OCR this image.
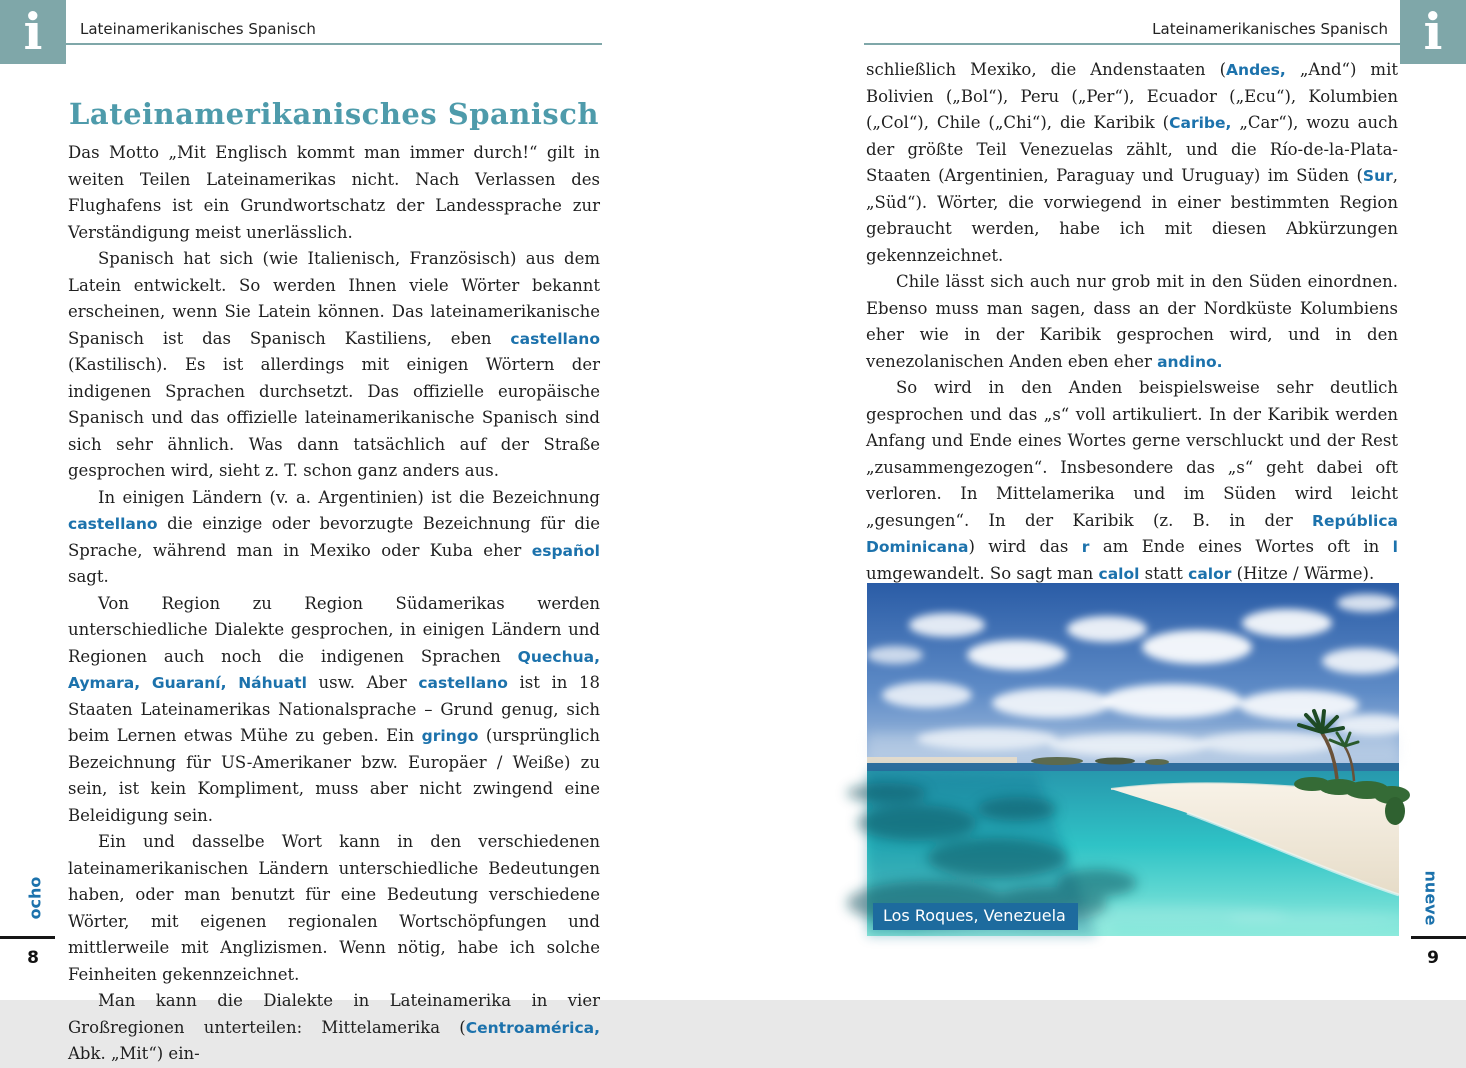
i	Lateinamerikanisches Spanisch	i
Lateinamerikanisches Spanisch
Lateinamerikanisches Spanisch

Das Motto „Mit Englisch kommt man immer durch!“ gilt in weiten Teilen Lateinamerikas nicht. Nach Verlassen des Flughafens ist ein Grundwortschatz der Landessprache zur Verständigung meist unerlässlich.

Spanisch hat sich (wie Italienisch, Französisch) aus dem Latein entwickelt. So werden Ihnen viele Wörter bekannt erscheinen, wenn Sie Latein können. Das lateinamerikanische Spanisch ist das Spanisch Kastiliens, eben castellano (Kastilisch). Es ist allerdings mit einigen Wörtern der indigenen Sprachen durchsetzt. Das offizielle europäische Spanisch und das offizielle lateinamerikanische Spanisch sind sich sehr ähnlich. Was dann tatsächlich auf der Straße gesprochen wird, sieht z. T. schon ganz anders aus.

In einigen Ländern (v. a. Argentinien) ist die Bezeichnung castellano die einzige oder bevorzugte Bezeichnung für die Sprache, während man in Mexiko oder Kuba eher español sagt.

Von Region zu Region Südamerikas werden unterschiedliche Dialekte gesprochen, in einigen Ländern und Regionen auch noch die indigenen Sprachen Quechua, Aymara, Guaraní, Náhuatl usw. Aber castellano ist in 18 Staaten Lateinamerikas Nationalsprache – Grund genug, sich beim Lernen etwas Mühe zu geben. Ein gringo (ursprünglich Bezeichnung für US-Amerikaner bzw. Europäer / Weiße) zu sein, ist kein Kompliment, muss aber nicht zwingend eine Beleidigung sein.

Ein und dasselbe Wort kann in den verschiedenen lateinamerikanischen Ländern unterschiedliche Bedeutungen haben, oder man benutzt für eine Bedeutung verschiedene Wörter, mit eigenen regionalen Wortschöpfungen und mittlerweile mit Anglizismen. Wenn nötig, habe ich solche Feinheiten gekennzeichnet.

Man kann die Dialekte in Lateinamerika in vier Großregionen unterteilen: Mittelamerika (Centroamérica, Abk. „Mit“) ein-

schließlich Mexiko, die Andenstaaten (Andes, „And“) mit Bolivien („Bol“), Peru („Per“), Ecuador („Ecu“), Kolumbien („Col“), Chile („Chi“), die Karibik (Caribe, „Car“), wozu auch der größte Teil Venezuelas zählt, und die Río-de-la-Plata-Staaten (Argentinien, Paraguay und Uruguay) im Süden (Sur, „Süd“). Wörter, die vorwiegend in einer bestimmten Region gebraucht werden, habe ich mit diesen Abkürzungen gekennzeichnet.

Chile lässt sich auch nur grob mit in den Süden einordnen. Ebenso muss man sagen, dass an der Nordküste Kolumbiens eher wie in der Karibik gesprochen wird, und in den venezolanischen Anden eben eher andino.

So wird in den Anden beispielsweise sehr deutlich gesprochen und das „s“ voll artikuliert. In der Karibik werden Anfang und Ende eines Wortes gerne verschluckt und der Rest „zusammengezogen“. Insbesondere das „s“ geht dabei oft verloren. In Mittelamerika und im Süden wird leicht „gesungen“. In der Karibik (z. B. in der República Dominicana) wird das r am Ende eines Wortes oft in l umgewandelt. So sagt man calol statt calor (Hitze / Wärme).

Los Roques, Venezuela
ocho
8
nueve
9
